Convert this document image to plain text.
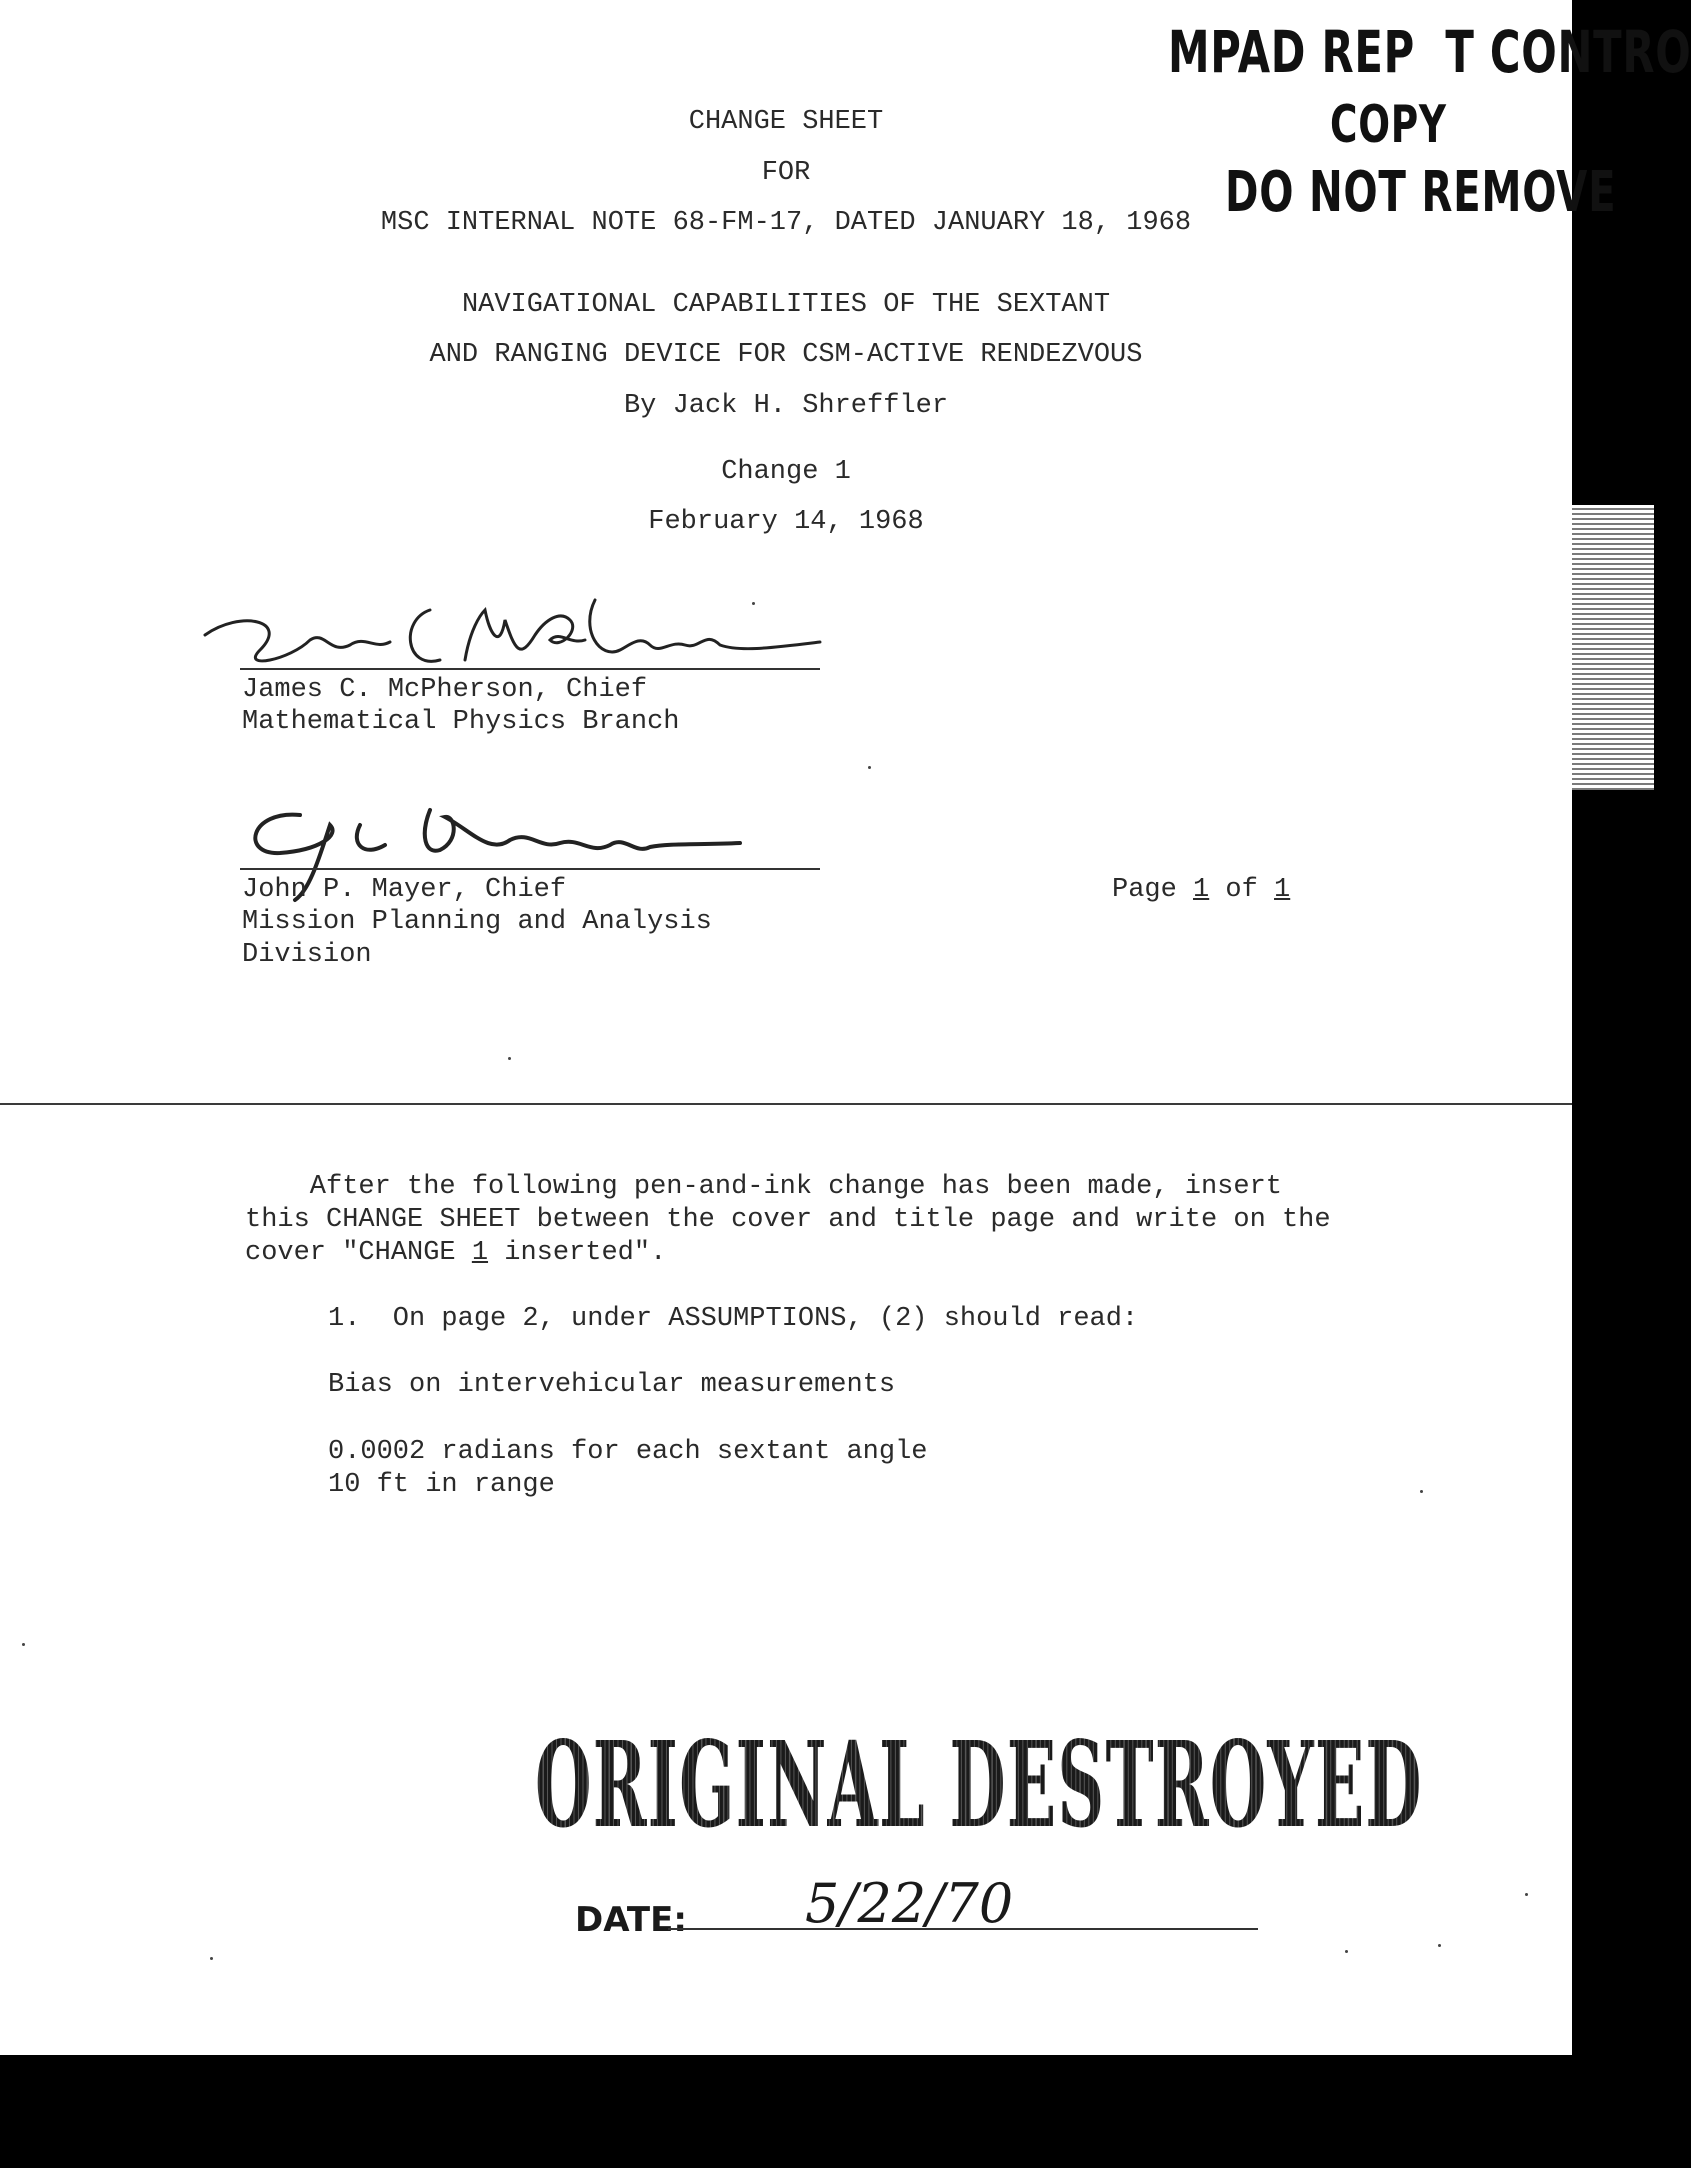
MPAD REP  T CONTRO
COPY
DO NOT REMOVE
CHANGE SHEET
FOR
MSC INTERNAL NOTE 68-FM-17, DATED JANUARY 18, 1968
NAVIGATIONAL CAPABILITIES OF THE SEXTANT
AND RANGING DEVICE FOR CSM-ACTIVE RENDEZVOUS
By Jack H. Shreffler
Change 1
February 14, 1968
James C. McPherson, Chief
Mathematical Physics Branch
John P. Mayer, Chief
Mission Planning and Analysis
Division
Page 1 of 1
After the following pen-and-ink change has been made, insert
this CHANGE SHEET between the cover and title page and write on the
cover "CHANGE 1 inserted".
1.  On page 2, under ASSUMPTIONS, (2) should read:
Bias on intervehicular measurements
0.0002 radians for each sextant angle
10 ft in range
ORIGINAL DESTROYED
DATE: 5/22/70
